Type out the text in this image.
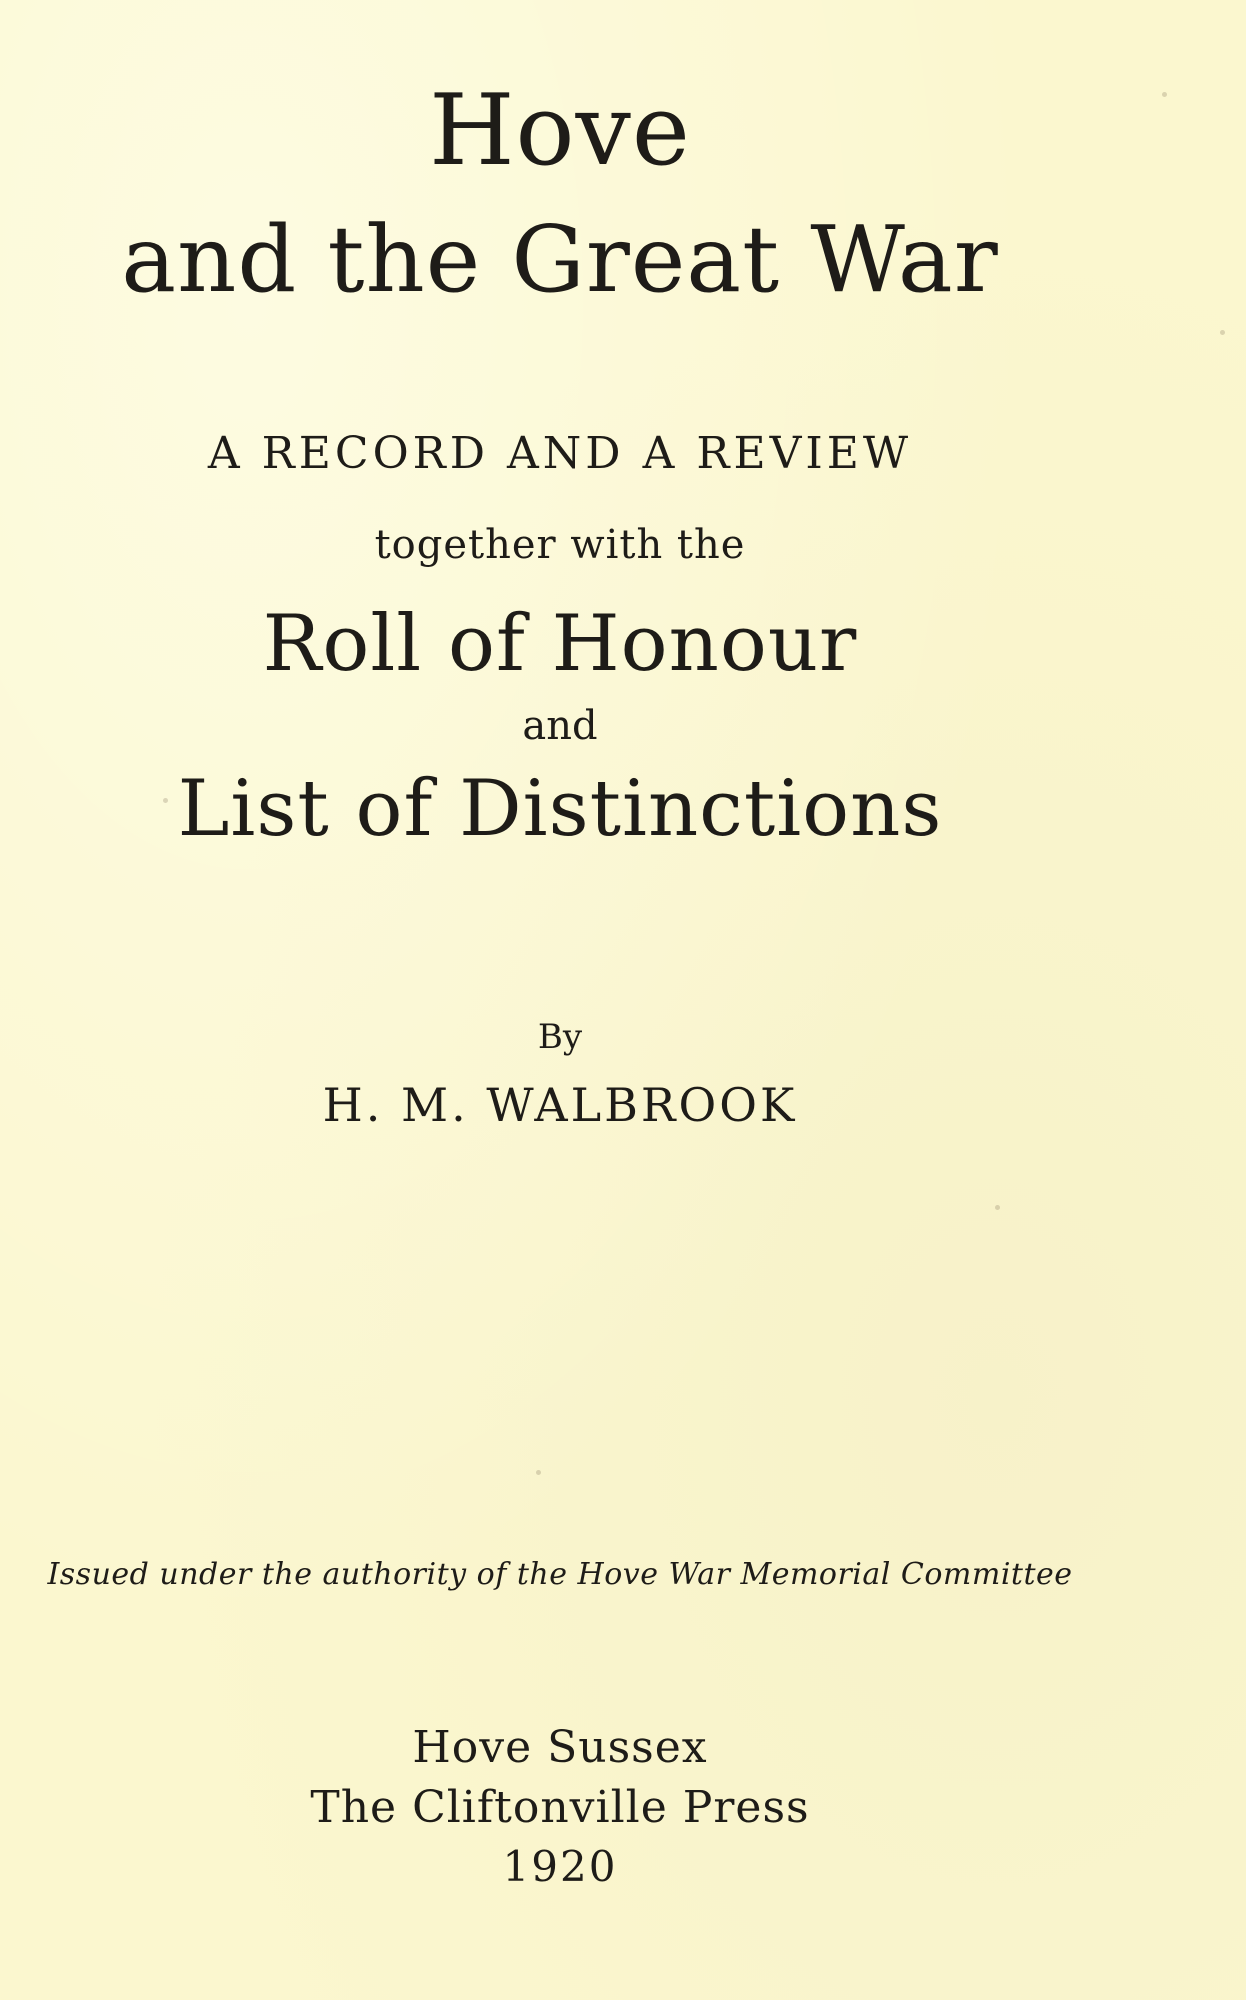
Hove
and the Great War
A RECORD AND A REVIEW
together with the
Roll of Honour
and
List of Distinctions
By
H. M. WALBROOK
Issued under the authority of the Hove War Memorial Committee
Hove Sussex
The Cliftonville Press
1920
